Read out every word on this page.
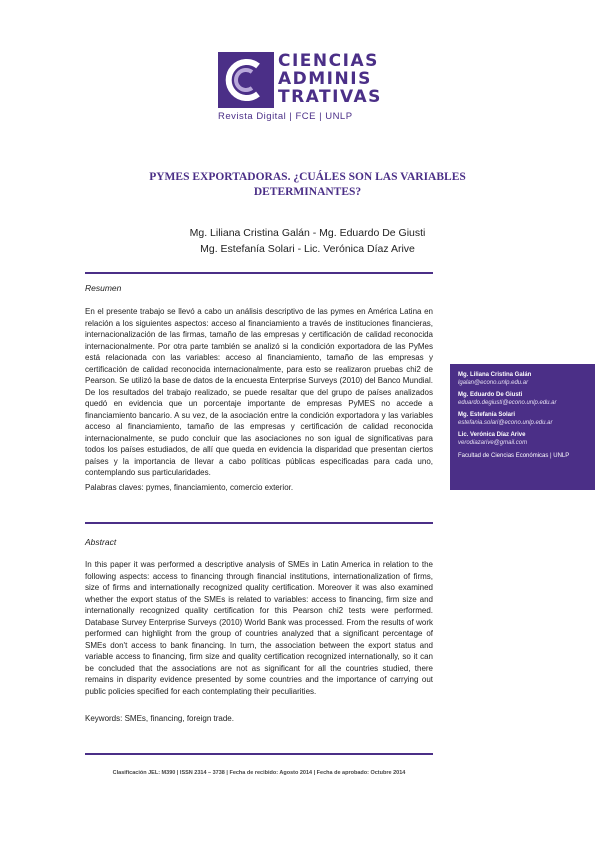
CIENCIAS
ADMINIS
TRATIVAS
Revista Digital | FCE | UNLP
PYMES EXPORTADORAS. ¿CUÁLES SON LAS VARIABLES DETERMINANTES?
Mg. Liliana Cristina Galán - Mg. Eduardo De Giusti
Mg. Estefanía Solari - Lic. Verónica Díaz Arive
Resumen
En el presente trabajo se llevó a cabo un análisis descriptivo de las pymes en América Latina en relación a los siguientes aspectos: acceso al financiamiento a través de instituciones financieras, internacionalización de las firmas, tamaño de las empresas y certificación de calidad reconocida internacionalmente. Por otra parte también se analizó si la condición exportadora de las PyMes está relacionada con las variables: acceso al financiamiento, tamaño de las empresas y certificación de calidad reconocida internacionalmente, para esto se realizaron pruebas chi2 de Pearson. Se utilizó la base de datos de la encuesta Enterprise Surveys (2010) del Banco Mundial. De los resultados del trabajo realizado, se puede resaltar que del grupo de países analizados quedó en evidencia que un porcentaje importante de empresas PyMES no accede a financiamiento bancario. A su vez, de la asociación entre la condición exportadora y las variables acceso al financiamiento, tamaño de las empresas y certificación de calidad reconocida internacionalmente, se pudo concluir que las asociaciones no son igual de significativas para todos los países estudiados, de allí que queda en evidencia la disparidad que presentan ciertos países y la importancia de llevar a cabo políticas públicas especificadas para cada uno, contemplando sus particularidades.
Palabras claves: pymes, financiamiento, comercio exterior.
Mg. Liliana Cristina Galán
lgalan@econo.unlp.edu.ar
Mg. Eduardo De Giusti
eduardo.degiusti@econo.unlp.edu.ar
Mg. Estefanía Solari
estefania.solari@econo.unlp.edu.ar
Lic. Verónica Díaz Arive
verodiazarive@gmail.com
Facultad de Ciencias Económicas | UNLP
Abstract
In this paper it was performed a descriptive analysis of SMEs in Latin America in relation to the following aspects: access to financing through financial institutions, internationalization of firms, size of firms and internationally recognized quality certification. Moreover it was also examined whether the export status of the SMEs is related to variables: access to financing, firm size and internationally recognized quality certification for this Pearson chi2 tests were performed. Database Survey Enterprise Surveys (2010) World Bank was processed. From the results of work performed can highlight from the group of countries analyzed that a significant percentage of SMEs don't access to bank financing. In turn, the association between the export status and variable access to financing, firm size and quality certification recognized internationally, so it can be concluded that the associations are not as significant for all the countries studied, there remains in disparity evidence presented by some countries and the importance of carrying out public policies specified for each contemplating their peculiarities.
Keywords: SMEs, financing, foreign trade.
Clasificación JEL: M390 | ISSN 2314 – 3738 | Fecha de recibido: Agosto 2014 | Fecha de aprobado: Octubre 2014
